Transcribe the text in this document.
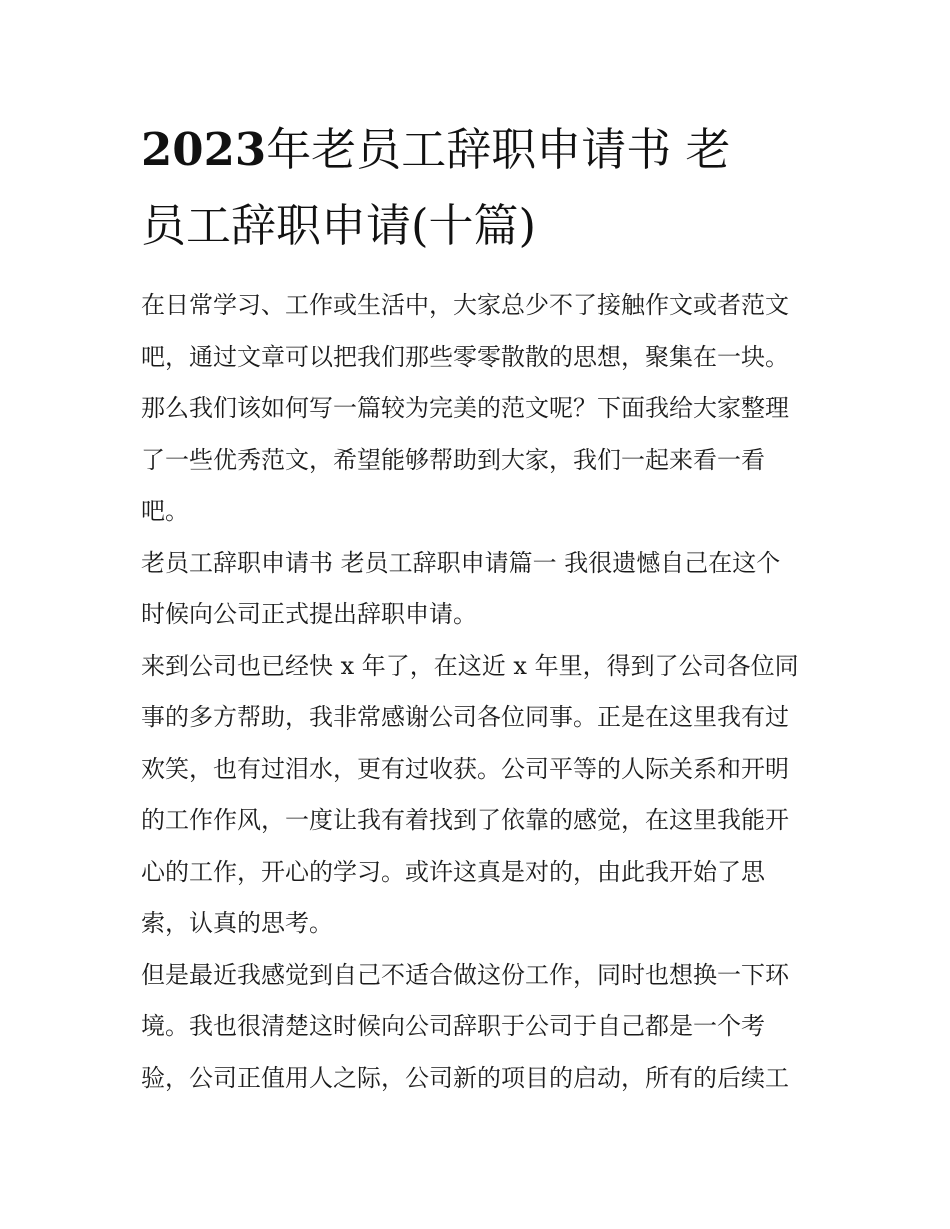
2023年老员工辞职申请书 老
员工辞职申请(十篇)
在日常学习、工作或生活中，大家总少不了接触作文或者范文
吧，通过文章可以把我们那些零零散散的思想，聚集在一块。
那么我们该如何写一篇较为完美的范文呢？下面我给大家整理
了一些优秀范文，希望能够帮助到大家，我们一起来看一看
吧。
老员工辞职申请书 老员工辞职申请篇一 我很遗憾自己在这个
时候向公司正式提出辞职申请。
来到公司也已经快 x 年了，在这近 x 年里，得到了公司各位同
事的多方帮助，我非常感谢公司各位同事。正是在这里我有过
欢笑，也有过泪水，更有过收获。公司平等的人际关系和开明
的工作作风，一度让我有着找到了依靠的感觉，在这里我能开
心的工作，开心的学习。或许这真是对的，由此我开始了思
索，认真的思考。
但是最近我感觉到自己不适合做这份工作，同时也想换一下环
境。我也很清楚这时候向公司辞职于公司于自己都是一个考
验，公司正值用人之际，公司新的项目的启动，所有的后续工
